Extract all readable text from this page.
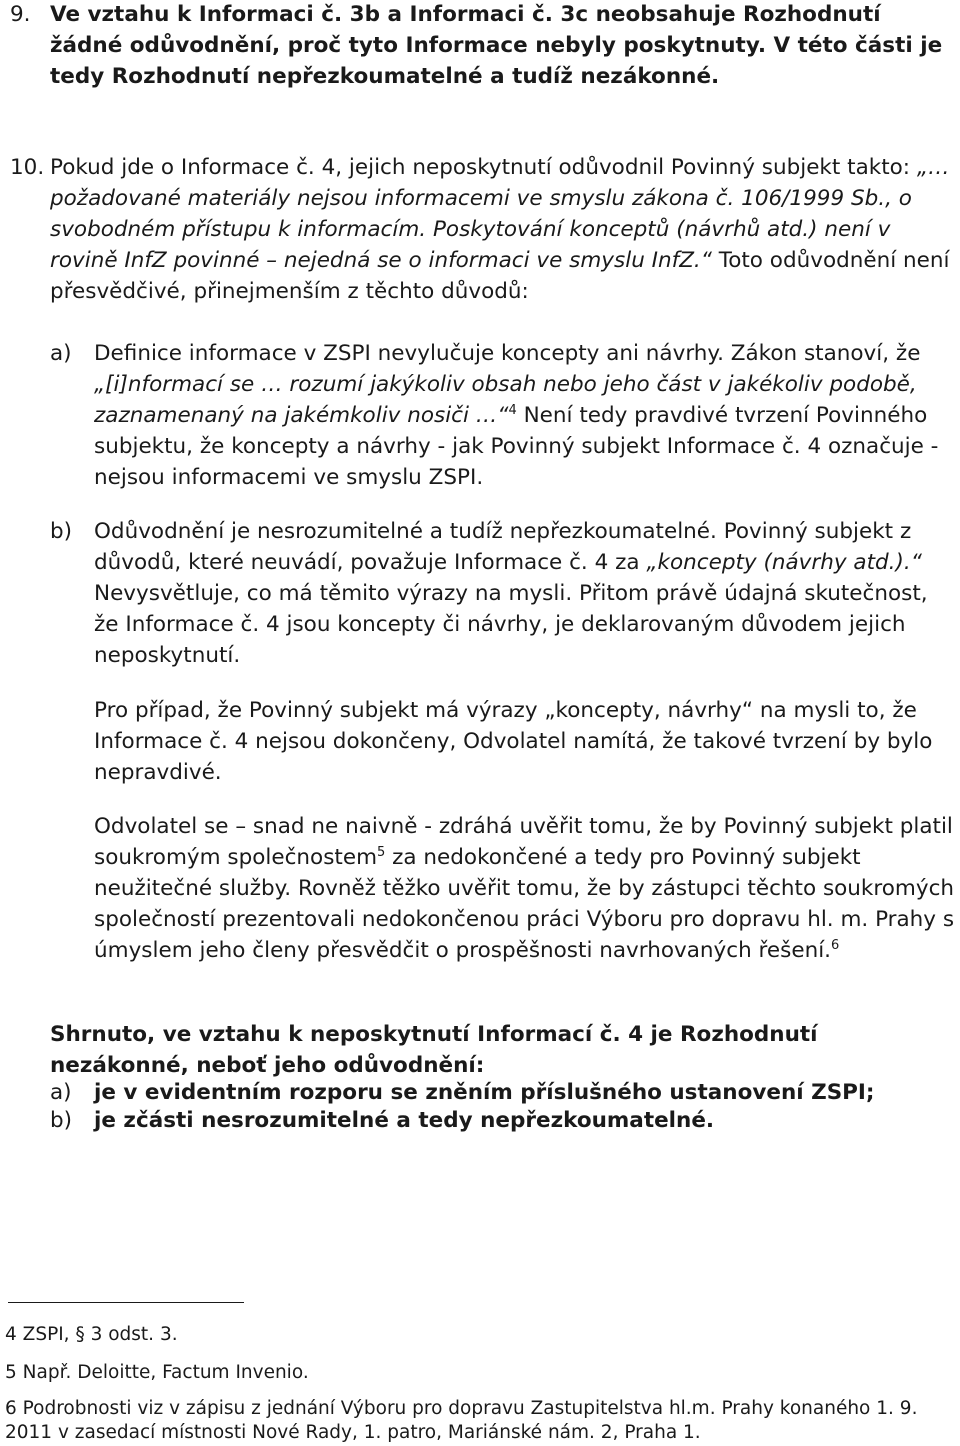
9. Ve vztahu k Informaci č. 3b a Informaci č. 3c neobsahuje Rozhodnutí žádné odůvodnění, proč tyto Informace nebyly poskytnuty. V této části je tedy Rozhodnutí nepřezkoumatelné a tudíž nezákonné.

10. Pokud jde o Informace č. 4, jejich neposkytnutí odůvodnil Povinný subjekt takto: „… požadované materiály nejsou informacemi ve smyslu zákona č. 106/1999 Sb., o svobodném přístupu k informacím. Poskytování konceptů (návrhů atd.) není v rovině InfZ povinné – nejedná se o informaci ve smyslu InfZ.“ Toto odůvodnění není přesvědčivé, přinejmenším z těchto důvodů:

a) Definice informace v ZSPI nevylučuje koncepty ani návrhy. Zákon stanoví, že „[i]nformací se … rozumí jakýkoliv obsah nebo jeho část v jakékoliv podobě, zaznamenaný na jakémkoliv nosiči …“$^4$ Není tedy pravdivé tvrzení Povinného subjektu, že koncepty a návrhy - jak Povinný subjekt Informace č. 4 označuje - nejsou informacemi ve smyslu ZSPI.

b) Odůvodnění je nesrozumitelné a tudíž nepřezkoumatelné. Povinný subjekt z důvodů, které neuvádí, považuje Informace č. 4 za „koncepty (návrhy atd.).“ Nevysvětluje, co má těmito výrazy na mysli. Přitom právě údajná skutečnost, že Informace č. 4 jsou koncepty či návrhy, je deklarovaným důvodem jejich neposkytnutí.

Pro případ, že Povinný subjekt má výrazy „koncepty, návrhy“ na mysli to, že Informace č. 4 nejsou dokončeny, Odvolatel namítá, že takové tvrzení by bylo nepravdivé.

Odvolatel se – snad ne naivně - zdráhá uvěřit tomu, že by Povinný subjekt platil soukromým společnostem$^5$ za nedokončené a tedy pro Povinný subjekt neužitečné služby. Rovněž těžko uvěřit tomu, že by zástupci těchto soukromých společností prezentovali nedokončenou práci Výboru pro dopravu hl. m. Prahy s úmyslem jeho členy přesvědčit o prospěšnosti navrhovaných řešení.$^6$

Shrnuto, ve vztahu k neposkytnutí Informací č. 4 je Rozhodnutí nezákonné, neboť jeho odůvodnění:

a) je v evidentním rozporu se zněním příslušného ustanovení ZSPI;

b) je zčásti nesrozumitelné a tedy nepřezkoumatelné.

4 ZSPI, § 3 odst. 3.

5 Např. Deloitte, Factum Invenio.

6 Podrobnosti viz v zápisu z jednání Výboru pro dopravu Zastupitelstva hl.m. Prahy konaného 1. 9. 2011 v zasedací místnosti Nové Rady, 1. patro, Mariánské nám. 2, Praha 1.
